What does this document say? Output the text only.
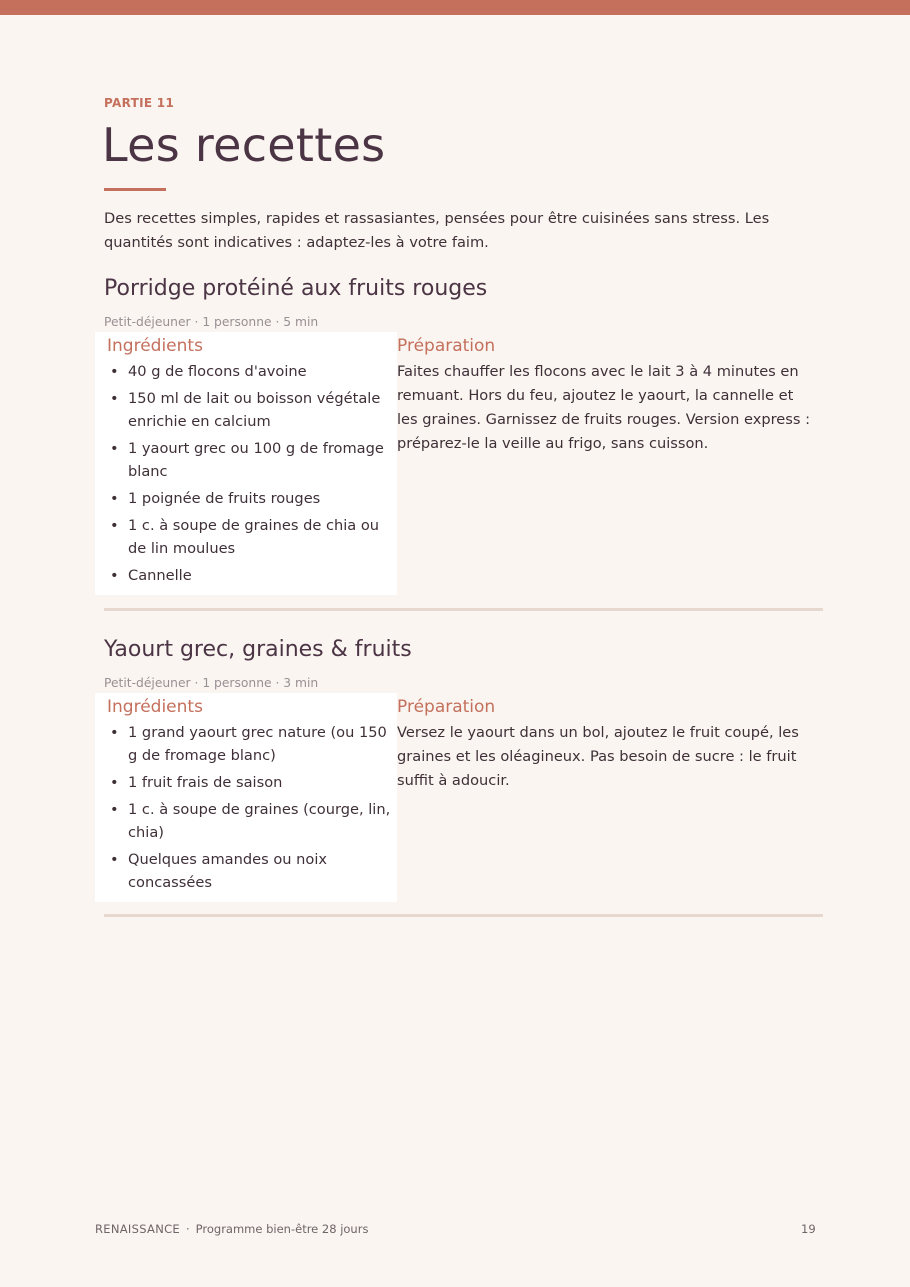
PARTIE 11
Les recettes

Des recettes simples, rapides et rassasiantes, pensées pour être cuisinées sans stress. Les quantités sont indicatives : adaptez-les à votre faim.

Porridge protéiné aux fruits rouges
Petit-déjeuner · 1 personne · 5 min
Ingrédients
• 40 g de flocons d'avoine
• 150 ml de lait ou boisson végétale enrichie en calcium
• 1 yaourt grec ou 100 g de fromage blanc
• 1 poignée de fruits rouges
• 1 c. à soupe de graines de chia ou de lin moulues
• Cannelle
Préparation

Faites chauffer les flocons avec le lait 3 à 4 minutes en remuant. Hors du feu, ajoutez le yaourt, la cannelle et les graines. Garnissez de fruits rouges. Version express : préparez-le la veille au frigo, sans cuisson.

Yaourt grec, graines & fruits
Petit-déjeuner · 1 personne · 3 min
Ingrédients
• 1 grand yaourt grec nature (ou 150 g de fromage blanc)
• 1 fruit frais de saison
• 1 c. à soupe de graines (courge, lin, chia)
• Quelques amandes ou noix concassées
Préparation

Versez le yaourt dans un bol, ajoutez le fruit coupé, les graines et les oléagineux. Pas besoin de sucre : le fruit suffit à adoucir.

RENAISSANCE · Programme bien-être 28 jours	19
